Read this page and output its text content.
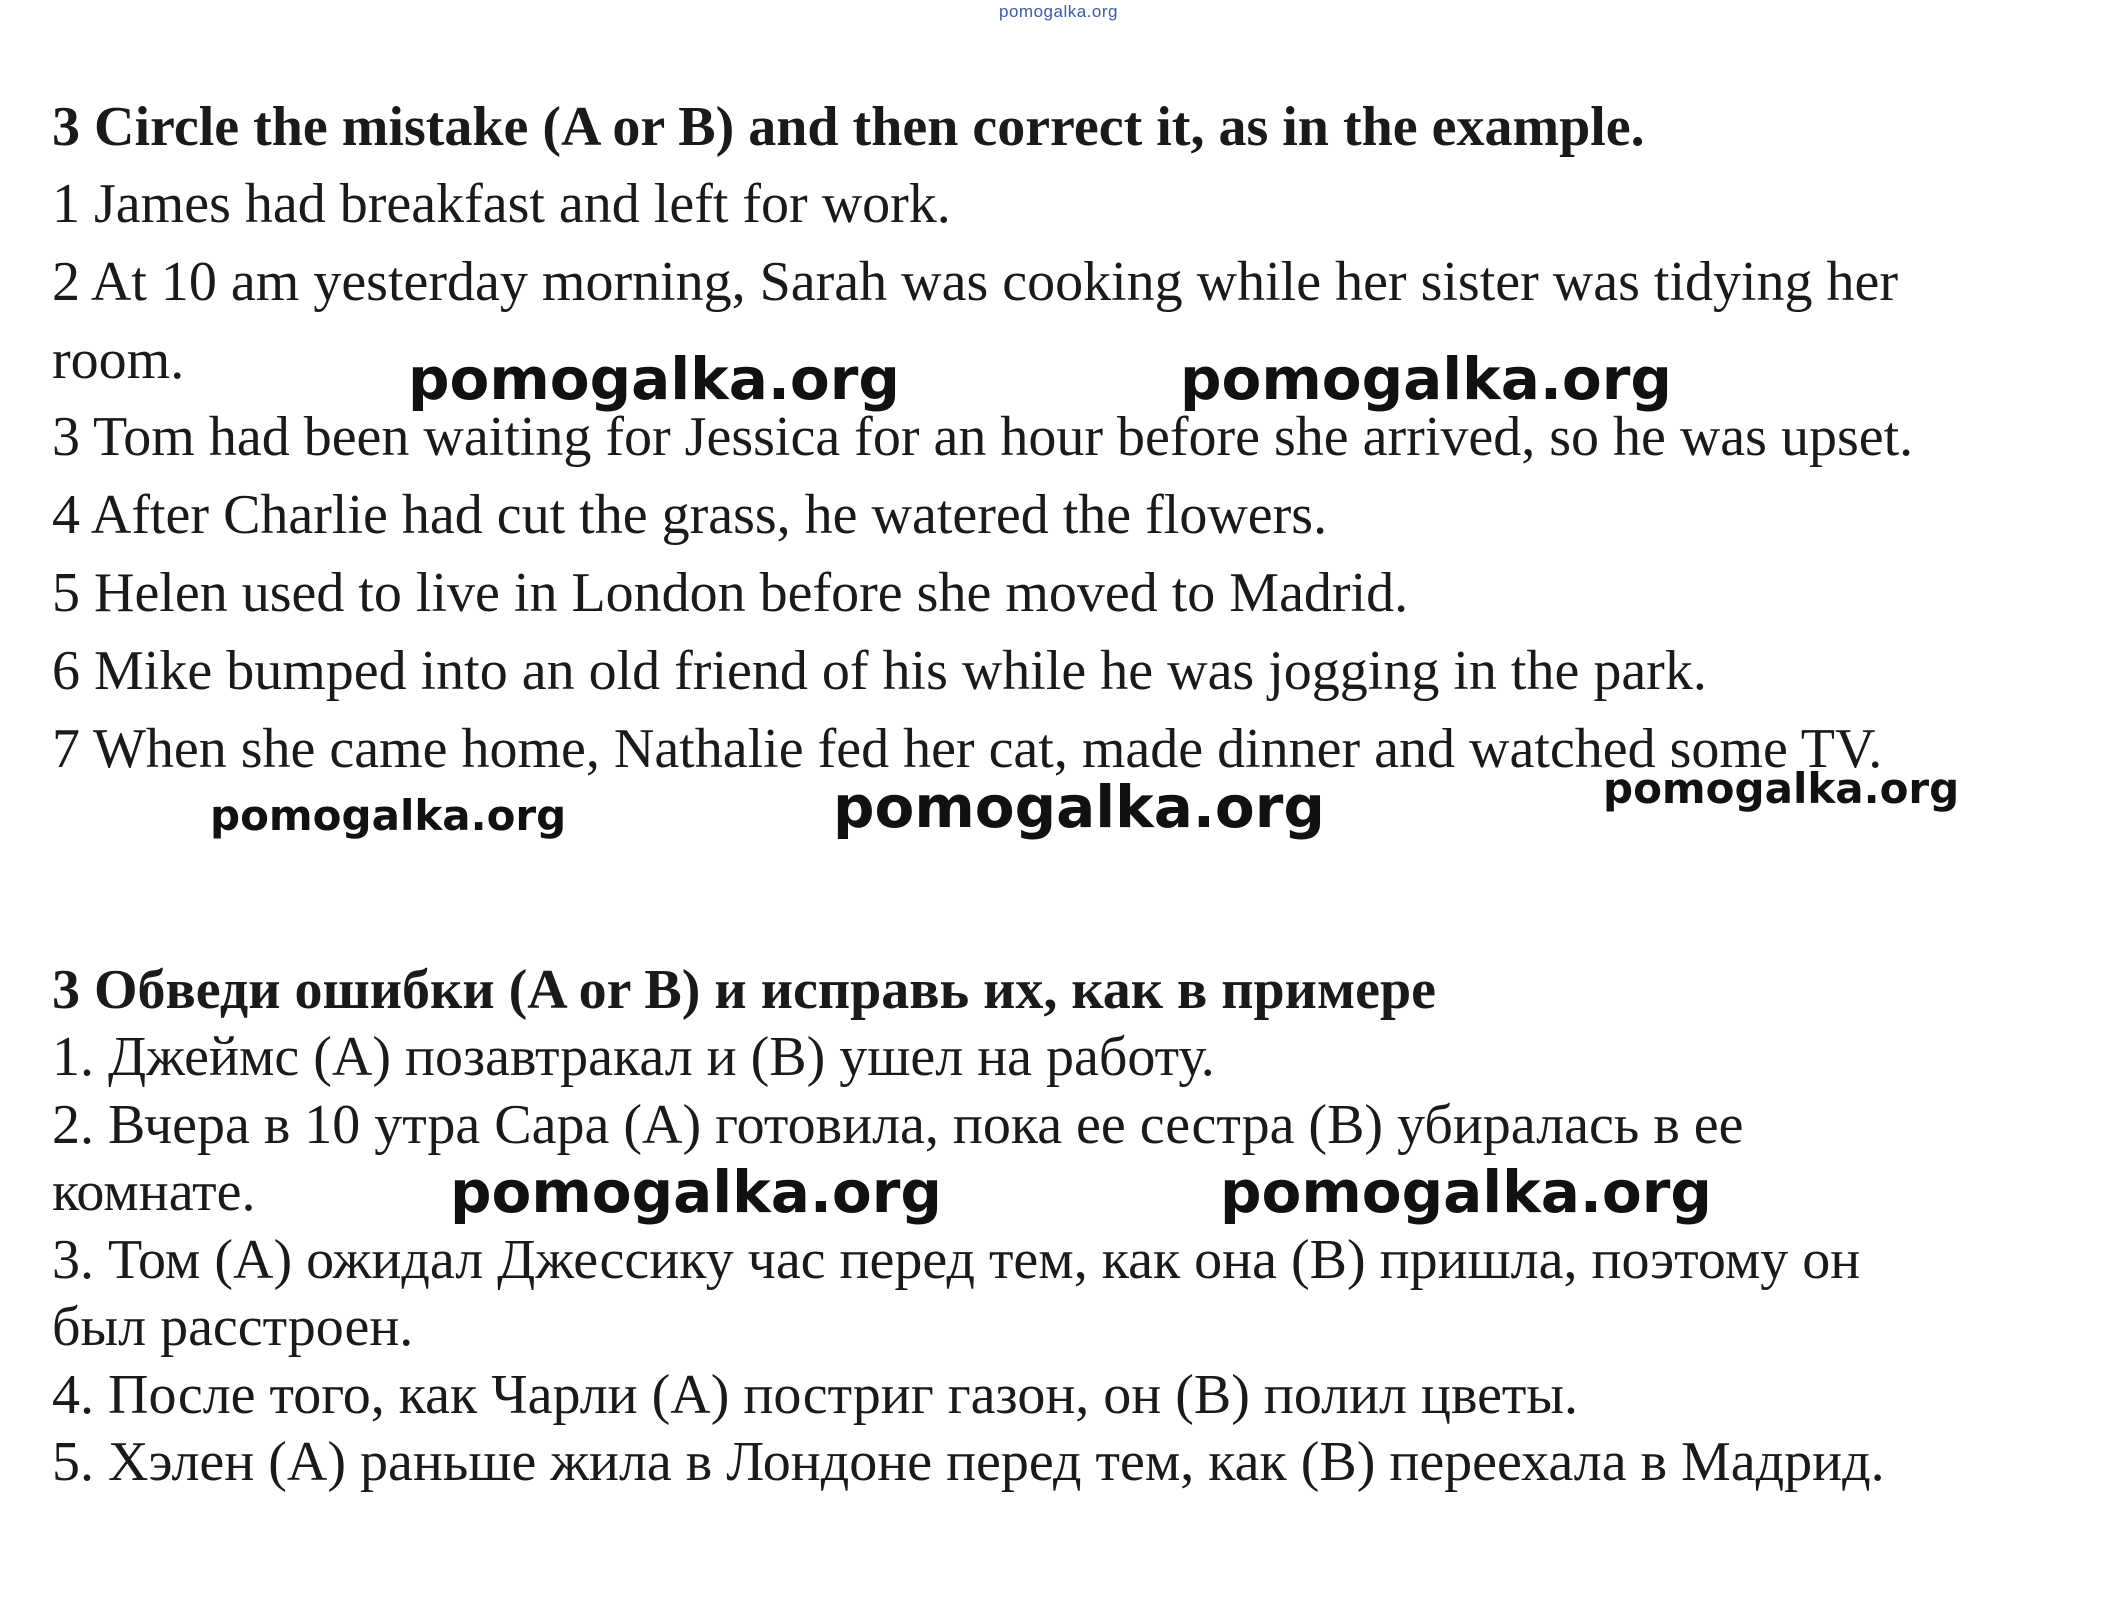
pomogalka.org
3 Circle the mistake (A or B) and then correct it, as in the example.
1 James had breakfast and left for work.
2 At 10 am yesterday morning, Sarah was cooking while her sister was tidying her
room.
3 Tom had been waiting for Jessica for an hour before she arrived, so he was upset.
4 After Charlie had cut the grass, he watered the flowers.
5 Helen used to live in London before she moved to Madrid.
6 Mike bumped into an old friend of his while he was jogging in the park.
7 When she came home, Nathalie fed her cat, made dinner and watched some TV.
3 Обведи ошибки (A or B) и исправь их, как в примере
1. Джеймс (A) позавтракал и (B) ушел на работу.
2. Вчера в 10 утра Сара (A) готовила, пока ее сестра (B) убиралась в ее
комнате.
3. Том (A) ожидал Джессику час перед тем, как она (B) пришла, поэтому он
был расстроен.
4. После того, как Чарли (A) постриг газон, он (B) полил цветы.
5. Хэлен (A) раньше жила в Лондоне перед тем, как (B) переехала в Мадрид.
pomogalka.org	pomogalka.org
pomogalka.org	pomogalka.org	pomogalka.org
pomogalka.org	pomogalka.org
